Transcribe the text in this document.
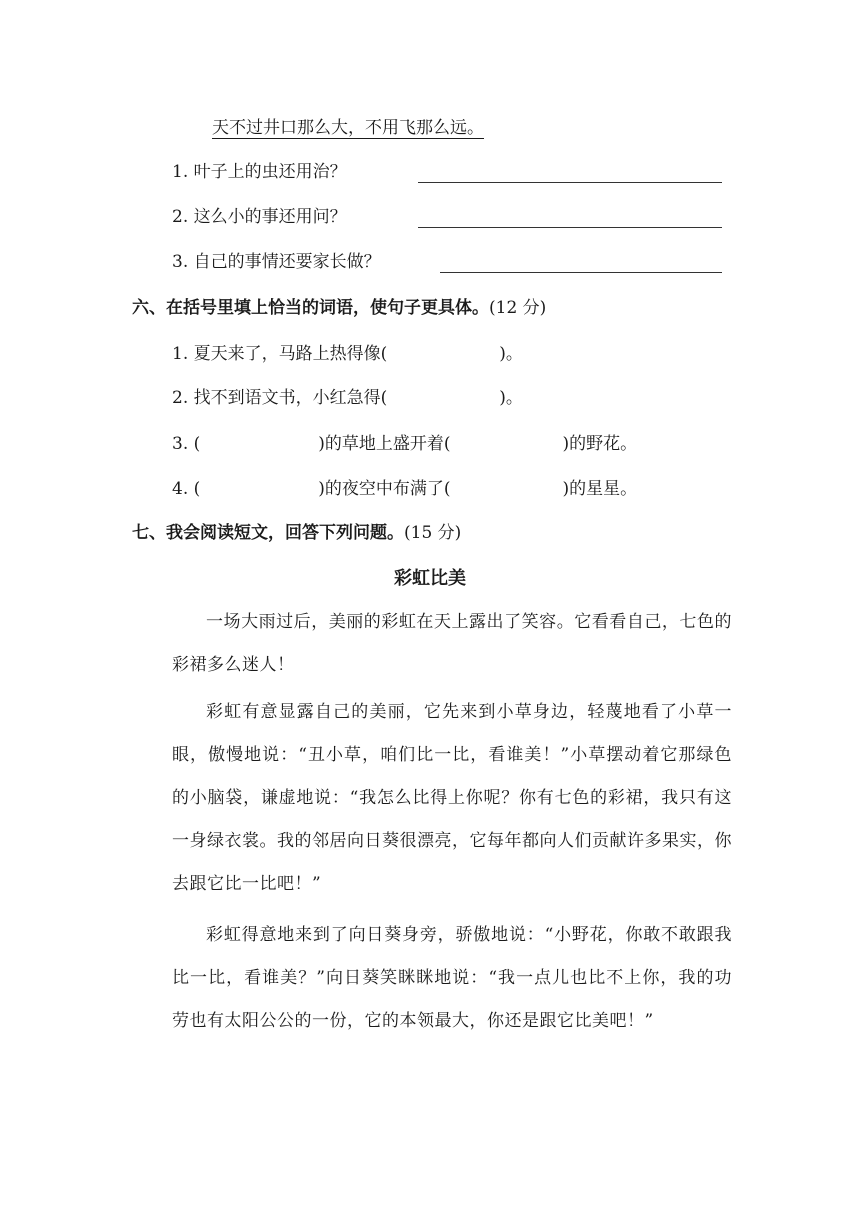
天不过井口那么大，不用飞那么远。
1. 叶子上的虫还用治？
2. 这么小的事还用问？
3. 自己的事情还要家长做？
六、在括号里填上恰当的词语，使句子更具体。(12 分)
1. 夏天来了，马路上热得像(	)。
2. 找不到语文书，小红急得(	)。
3. (	)的草地上盛开着(	)的野花。
4. (	)的夜空中布满了(	)的星星。
七、我会阅读短文，回答下列问题。(15 分)
彩虹比美
一场大雨过后，美丽的彩虹在天上露出了笑容。它看看自己，七色的彩裙多么迷人！
彩虹有意显露自己的美丽，它先来到小草身边，轻蔑地看了小草一眼，傲慢地说：“丑小草，咱们比一比，看谁美！”小草摆动着它那绿色的小脑袋，谦虚地说：“我怎么比得上你呢？你有七色的彩裙，我只有这一身绿衣裳。我的邻居向日葵很漂亮，它每年都向人们贡献许多果实，你去跟它比一比吧！”
彩虹得意地来到了向日葵身旁，骄傲地说：“小野花，你敢不敢跟我比一比，看谁美？”向日葵笑眯眯地说：“我一点儿也比不上你，我的功劳也有太阳公公的一份，它的本领最大，你还是跟它比美吧！”
